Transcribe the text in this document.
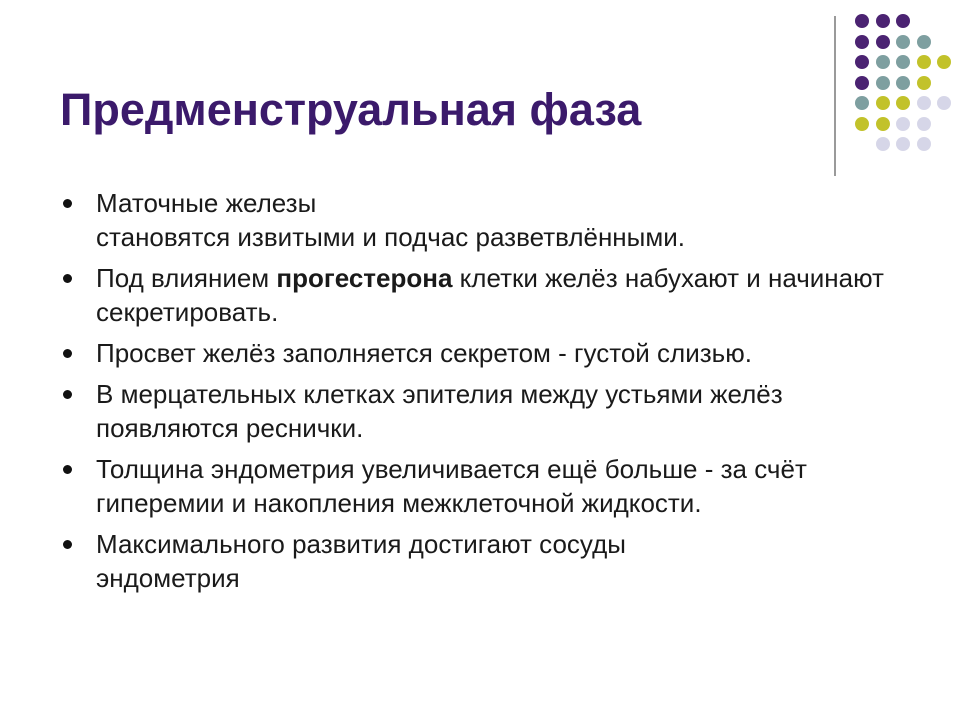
Предменструальная фаза
Маточные железы
становятся извитыми и подчас разветвлёнными.
Под влиянием прогестерона клетки желёз набухают и начинают секретировать.
Просвет желёз заполняется секретом - густой слизью.
В мерцательных клетках эпителия между устьями желёз появляются реснички.
Толщина эндометрия увеличивается ещё больше - за счёт гиперемии и накопления межклеточной жидкости.
Максимального развития достигают сосуды эндометрия
